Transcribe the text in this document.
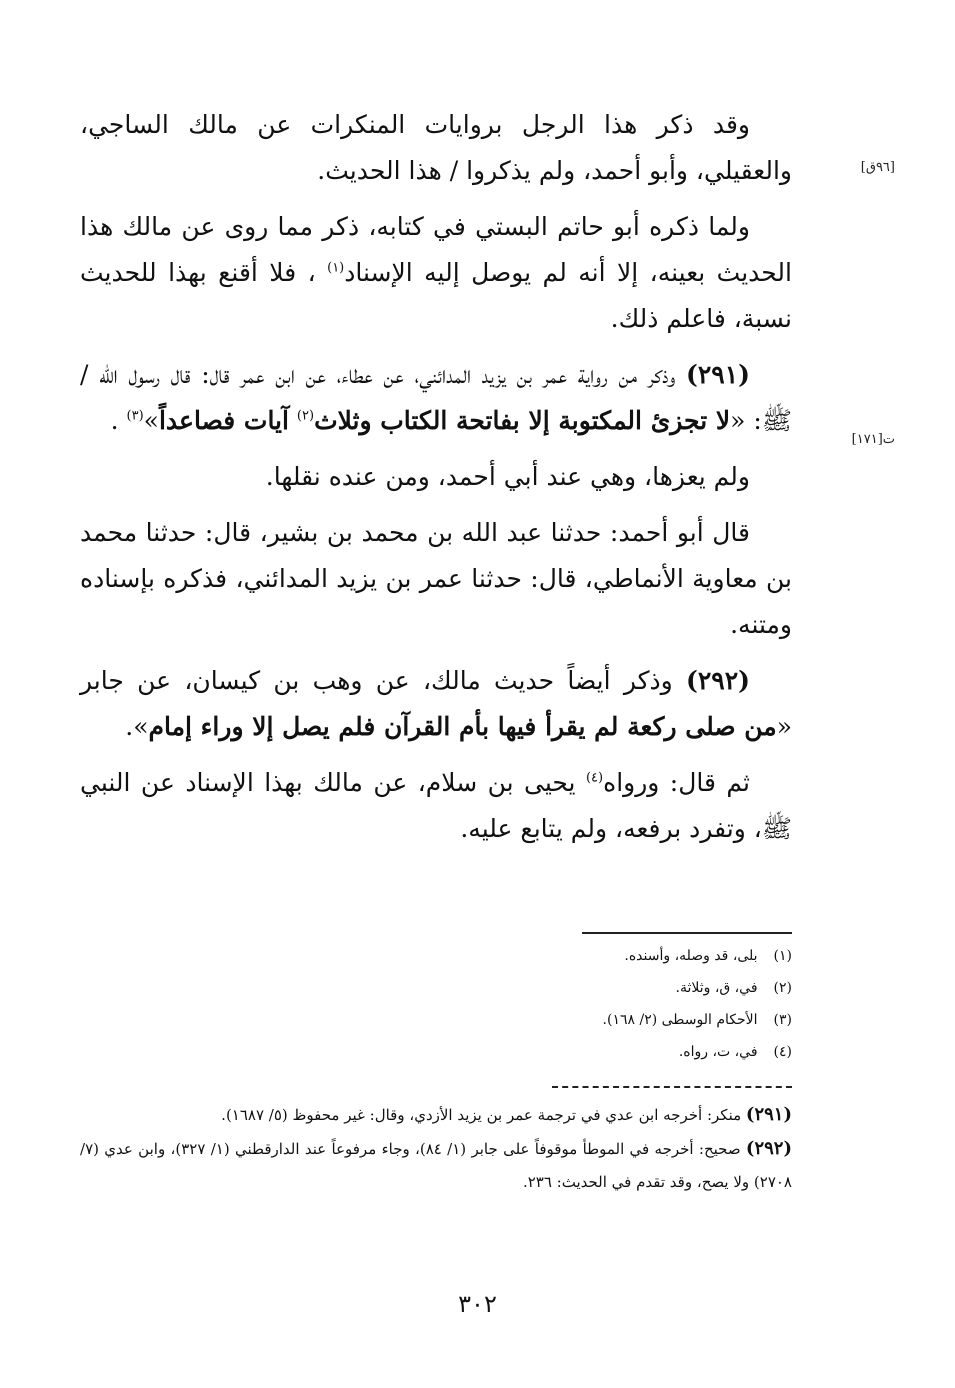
[٩٦ق]
ت[١٧١]
وقد ذكر هذا الرجل بروايات المنكرات عن مالك الساجي، والعقيلي، وأبو أحمد، ولم يذكروا / هذا الحديث.
ولما ذكره أبو حاتم البستي في كتابه، ذكر مما روى عن مالك هذا الحديث بعينه، إلا أنه لم يوصل إليه الإسناد$^{(١)}$ ، فلا أقنع بهذا للحديث نسبة، فاعلم ذلك.
(٢٩١) وذكر من رواية عمر بن يزيد المدائني، عن عطاء، عن ابن عمر قال: قال رسول الله / ﷺ: «لا تجزئ المكتوبة إلا بفاتحة الكتاب وثلاث$^{(٢)}$ آيات فصاعداً»$^{(٣)}$ .
ولم يعزها، وهي عند أبي أحمد، ومن عنده نقلها.
قال أبو أحمد: حدثنا عبد الله بن محمد بن بشير، قال: حدثنا محمد بن معاوية الأنماطي، قال: حدثنا عمر بن يزيد المدائني، فذكره بإسناده ومتنه.
(٢٩٢) وذكر أيضاً حديث مالك، عن وهب بن كيسان، عن جابر «من صلى ركعة لم يقرأ فيها بأم القرآن فلم يصل إلا وراء إمام».
ثم قال: ورواه$^{(٤)}$ يحيى بن سلام، عن مالك بهذا الإسناد عن النبي ﷺ، وتفرد برفعه، ولم يتابع عليه.

(١) بلى، قد وصله، وأسنده.

(٢) في، ق، وثلاثة.

(٣) الأحكام الوسطى (٢/ ١٦٨).

(٤) في، ت، رواه.

(٢٩١) منكر: أخرجه ابن عدي في ترجمة عمر بن يزيد الأزدي، وقال: غير محفوظ (٥/ ١٦٨٧).

(٢٩٢) صحيح: أخرجه في الموطأ موقوفاً على جابر (١/ ٨٤)، وجاء مرفوعاً عند الدارقطني (١/ ٣٢٧)، وابن عدي (٧/ ٢٧٠٨) ولا يصح، وقد تقدم في الحديث: ٢٣٦.

٣٠٢
